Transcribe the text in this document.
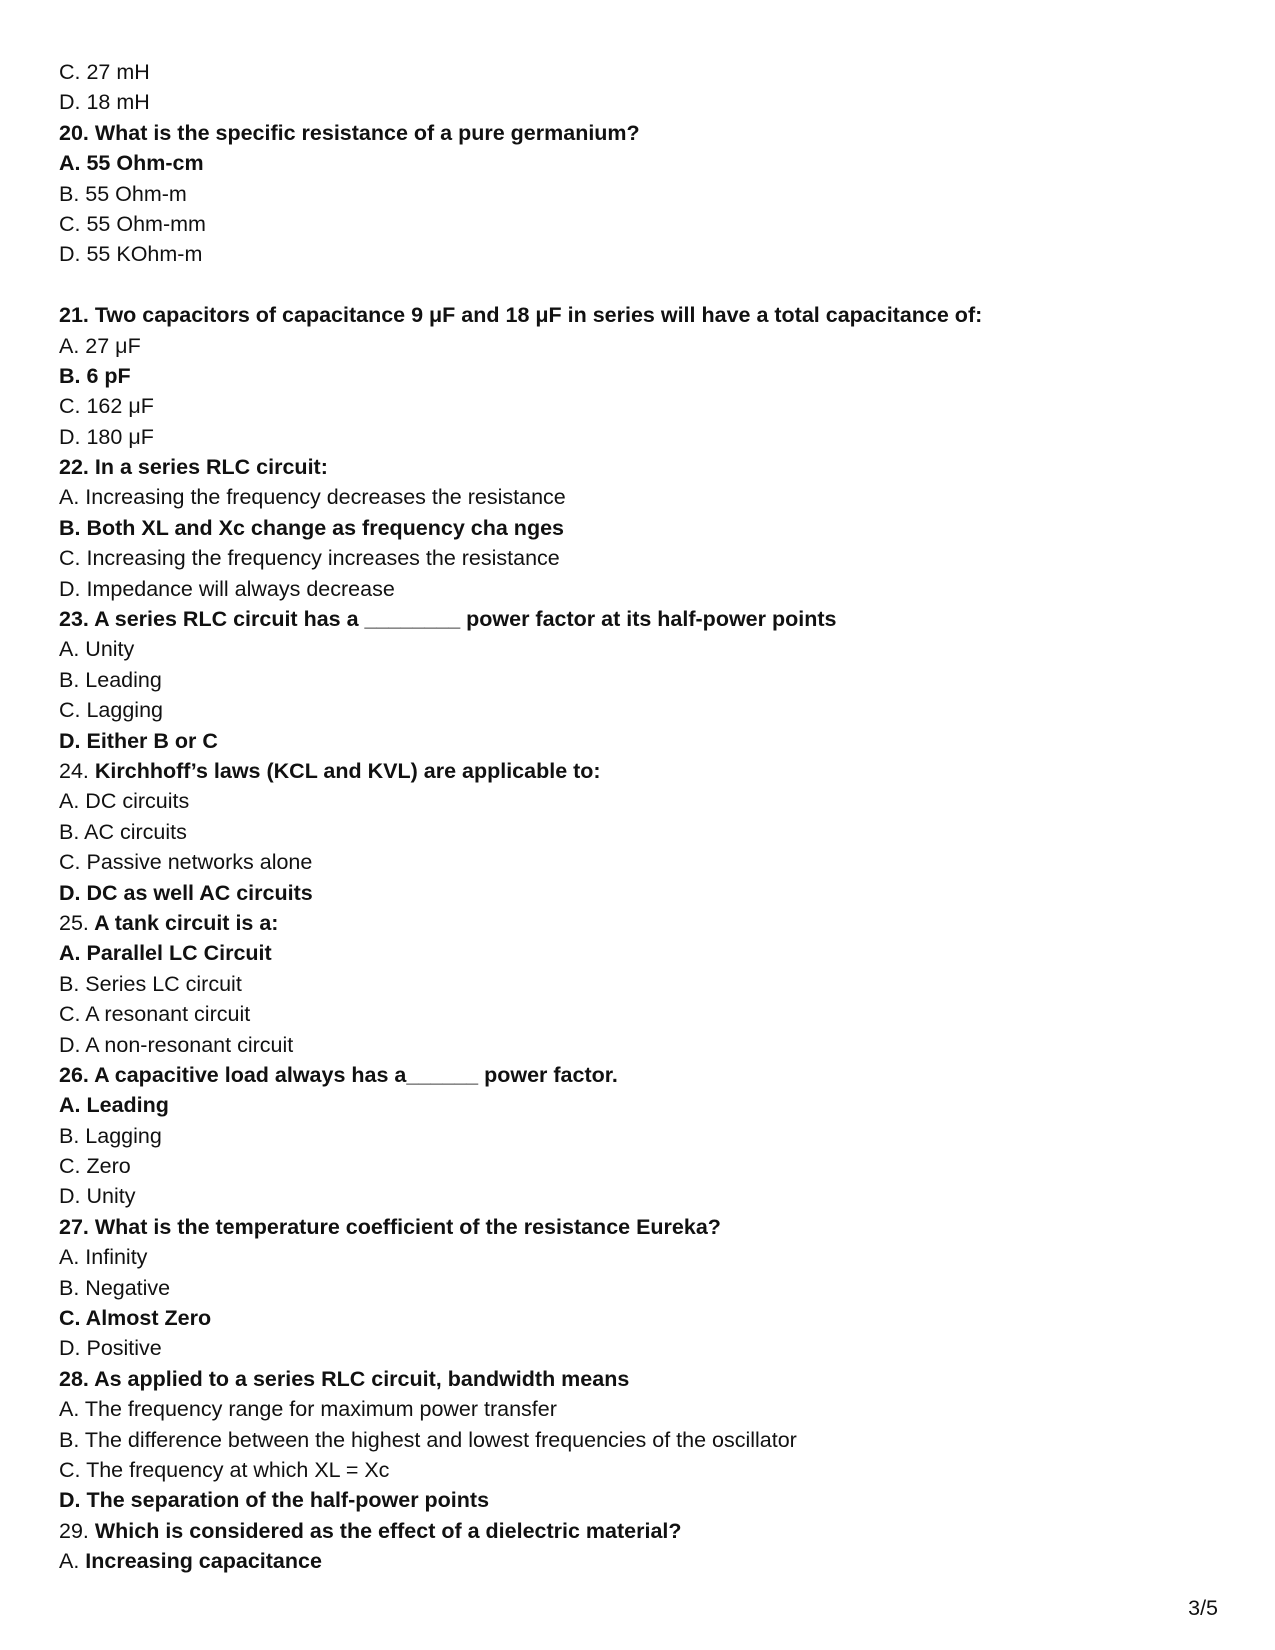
C. 27 mH
D. 18 mH
20. What is the specific resistance of a pure germanium?
A. 55 Ohm-cm
B. 55 Ohm-m
C. 55 Ohm-mm
D. 55 KOhm-m
21. Two capacitors of capacitance 9 μF and 18 μF in series will have a total capacitance of:
A. 27 μF
B. 6 pF
C. 162 μF
D. 180 μF
22. In a series RLC circuit:
A. Increasing the frequency decreases the resistance
B. Both XL and Xc change as frequency cha nges
C. Increasing the frequency increases the resistance
D. Impedance will always decrease
23. A series RLC circuit has a ________ power factor at its half-power points
A. Unity
B. Leading
C. Lagging
D. Either B or C
24. Kirchhoff’s laws (KCL and KVL) are applicable to:
A. DC circuits
B. AC circuits
C. Passive networks alone
D. DC as well AC circuits
25. A tank circuit is a:
A. Parallel LC Circuit
B. Series LC circuit
C. A resonant circuit
D. A non-resonant circuit
26. A capacitive load always has a______ power factor.
A. Leading
B. Lagging
C. Zero
D. Unity
27. What is the temperature coefficient of the resistance Eureka?
A. Infinity
B. Negative
C. Almost Zero
D. Positive
28. As applied to a series RLC circuit, bandwidth means
A. The frequency range for maximum power transfer
B. The difference between the highest and lowest frequencies of the oscillator
C. The frequency at which XL = Xc
D. The separation of the half-power points
29. Which is considered as the effect of a dielectric material?
A. Increasing capacitance
3/5
